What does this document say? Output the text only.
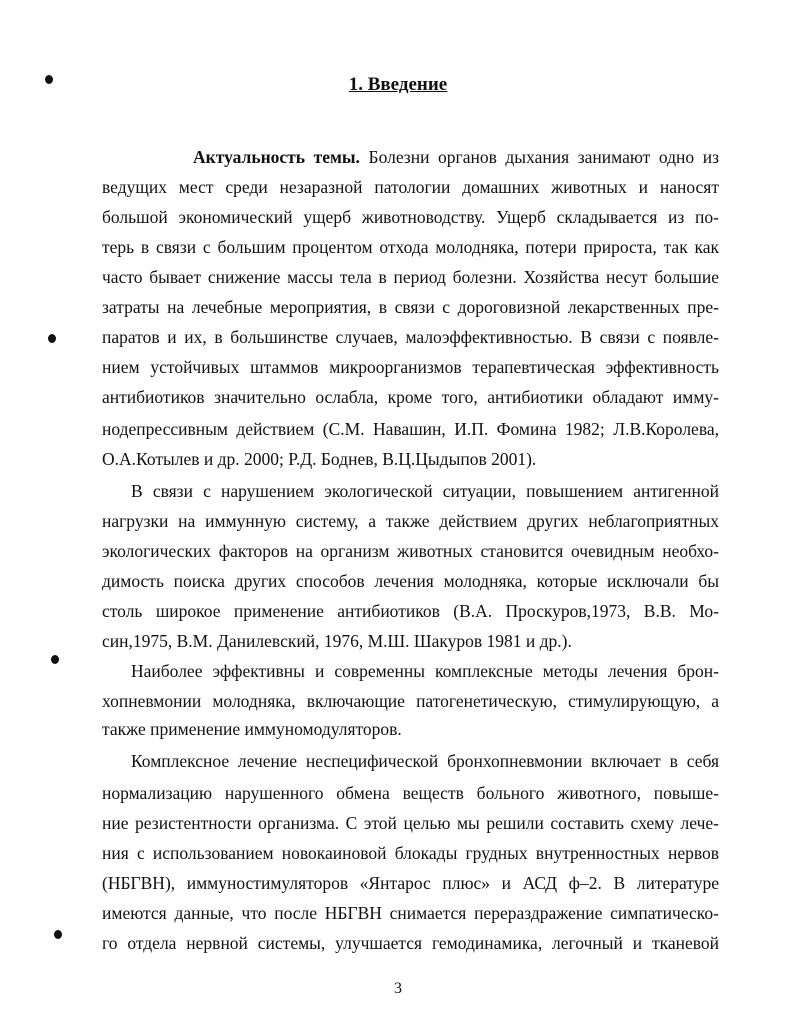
1. Введение
Актуальность темы. Болезни органов дыхания занимают одно из
ведущих мест среди незаразной патологии домашних животных и наносят
большой экономический ущерб животноводству. Ущерб складывается из по-
терь в связи с большим процентом отхода молодняка, потери прироста, так как
часто бывает снижение массы тела в период болезни. Хозяйства несут большие
затраты на лечебные мероприятия, в связи с дороговизной лекарственных пре-
паратов и их, в большинстве случаев, малоэффективностью. В связи с появле-
нием устойчивых штаммов микроорганизмов терапевтическая эффективность
антибиотиков значительно ослабла, кроме того, антибиотики обладают имму-
нодепрессивным действием (С.М. Навашин, И.П. Фомина 1982; Л.В.Королева,
О.А.Котылев и др. 2000; Р.Д. Боднев, В.Ц.Цыдыпов 2001).
В связи с нарушением экологической ситуации, повышением антигенной
нагрузки на иммунную систему, а также действием других неблагоприятных
экологических факторов на организм животных становится очевидным необхо-
димость поиска других способов лечения молодняка, которые исключали бы
столь широкое применение антибиотиков (В.А. Проскуров,1973, В.В. Мо-
син,1975, В.М. Данилевский, 1976, М.Ш. Шакуров 1981 и др.).
Наиболее эффективны и современны комплексные методы лечения брон-
хопневмонии молодняка, включающие патогенетическую, стимулирующую, а
также применение иммуномодуляторов.
Комплексное лечение неспецифической бронхопневмонии включает в себя
нормализацию нарушенного обмена веществ больного животного, повыше-
ние резистентности организма. С этой целью мы решили составить схему лече-
ния с использованием новокаиновой блокады грудных внутренностных нервов
(НБГВН), иммуностимуляторов «Янтарос плюс» и АСД ф–2. В литературе
имеются данные, что после НБГВН снимается перераздражение симпатическо-
го отдела нервной системы, улучшается гемодинамика, легочный и тканевой
3
